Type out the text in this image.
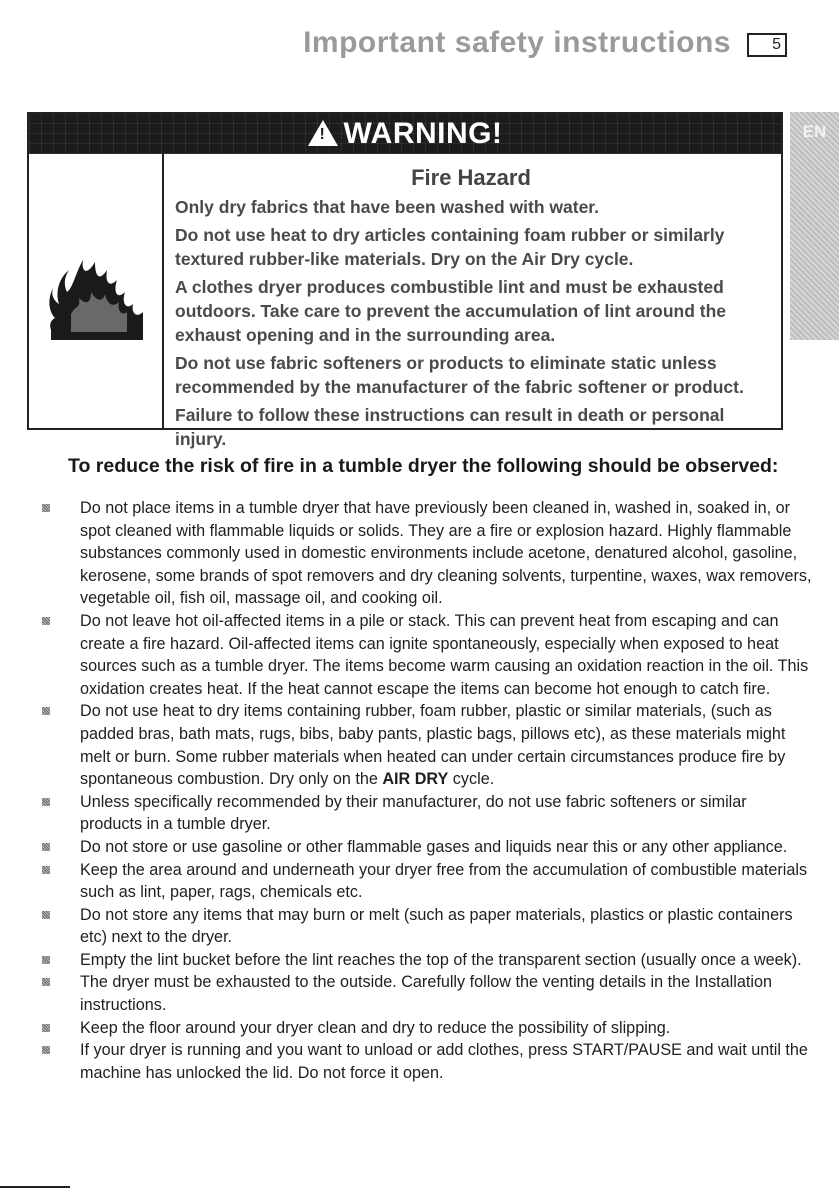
Important safety instructions	5
EN
! WARNING!
Fire Hazard

Only dry fabrics that have been washed with water.

Do not use heat to dry articles containing foam rubber or similarly textured rubber-like materials. Dry on the Air Dry cycle.

A clothes dryer produces combustible lint and must be exhausted outdoors. Take care to prevent the accumulation of lint around the exhaust opening and in the surrounding area.

Do not use fabric softeners or products to eliminate static unless recommended by the manufacturer of the fabric softener or product.

Failure to follow these instructions can result in death or personal injury.

To reduce the risk of fire in a tumble dryer the following should be observed:
Do not place items in a tumble dryer that have previously been cleaned in, washed in, soaked in, or spot cleaned with flammable liquids or solids. They are a fire or explosion hazard. Highly flammable substances commonly used in domestic environments include acetone, denatured alcohol, gasoline, kerosene, some brands of spot removers and dry cleaning solvents, turpentine, waxes, wax removers, vegetable oil, fish oil, massage oil, and cooking oil.
Do not leave hot oil-affected items in a pile or stack. This can prevent heat from escaping and can create a fire hazard. Oil-affected items can ignite spontaneously, especially when exposed to heat sources such as a tumble dryer. The items become warm causing an oxidation reaction in the oil. This oxidation creates heat. If the heat cannot escape the items can become hot enough to catch fire.
Do not use heat to dry items containing rubber, foam rubber, plastic or similar materials, (such as padded bras, bath mats, rugs, bibs, baby pants, plastic bags, pillows etc), as these materials might melt or burn. Some rubber materials when heated can under certain circumstances produce fire by spontaneous combustion. Dry only on the AIR DRY cycle.
Unless specifically recommended by their manufacturer, do not use fabric softeners or similar products in a tumble dryer.
Do not store or use gasoline or other flammable gases and liquids near this or any other appliance.
Keep the area around and underneath your dryer free from the accumulation of combustible materials such as lint, paper, rags, chemicals etc.
Do not store any items that may burn or melt (such as paper materials, plastics or plastic containers etc) next to the dryer.
Empty the lint bucket before the lint reaches the top of the transparent section (usually once a week).
The dryer must be exhausted to the outside. Carefully follow the venting details in the Installation instructions.
Keep the floor around your dryer clean and dry to reduce the possibility of slipping.
If your dryer is running and you want to unload or add clothes, press START/PAUSE and wait until the machine has unlocked the lid. Do not force it open.
